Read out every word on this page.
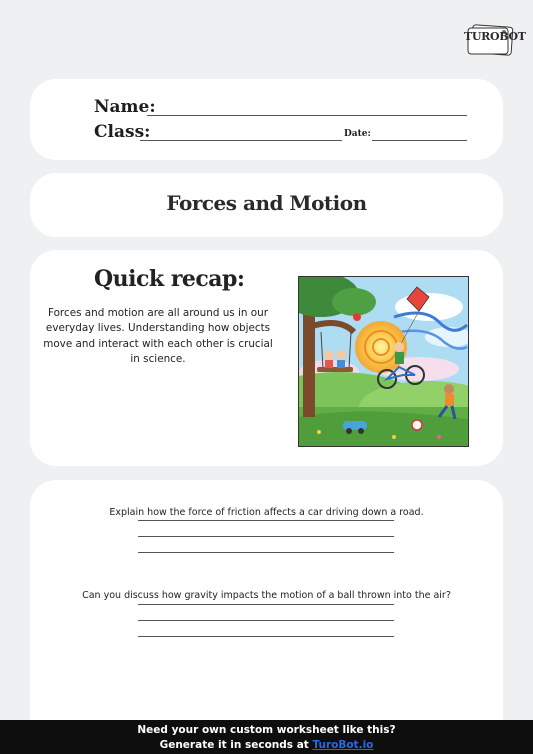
TUROBOT
Name:
Class:	Date:
Forces and Motion
Quick recap:
Forces and motion are all around us in our everyday lives. Understanding how objects move and interact with each other is crucial in science.
Explain how the force of friction affects a car driving down a road.
Can you discuss how gravity impacts the motion of a ball thrown into the air?
Need your own custom worksheet like this?
Generate it in seconds at TuroBot.io
